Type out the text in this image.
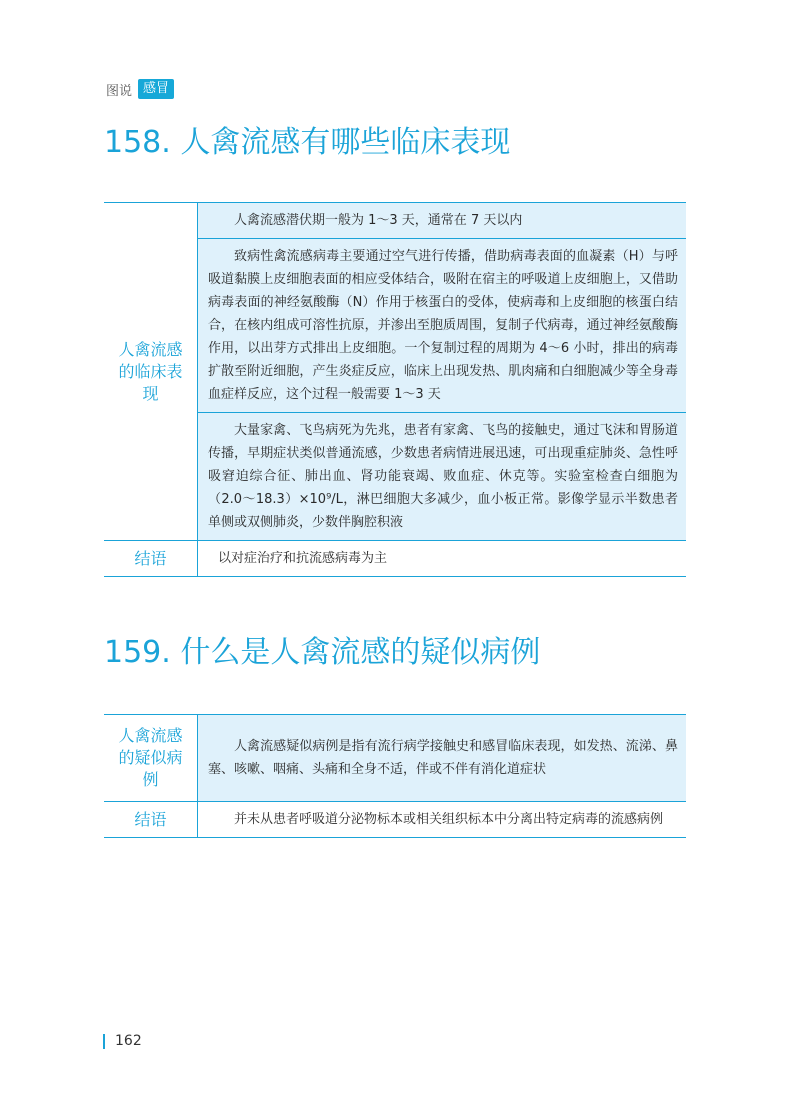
图说 感冒
158. 人禽流感有哪些临床表现
人禽流感的临床表现
人禽流感潜伏期一般为 1～3 天，通常在 7 天以内
致病性禽流感病毒主要通过空气进行传播，借助病毒表面的血凝素（H）与呼吸道黏膜上皮细胞表面的相应受体结合，吸附在宿主的呼吸道上皮细胞上，又借助病毒表面的神经氨酸酶（N）作用于核蛋白的受体，使病毒和上皮细胞的核蛋白结合，在核内组成可溶性抗原，并渗出至胞质周围，复制子代病毒，通过神经氨酸酶作用，以出芽方式排出上皮细胞。一个复制过程的周期为 4～6 小时，排出的病毒扩散至附近细胞，产生炎症反应，临床上出现发热、肌肉痛和白细胞减少等全身毒血症样反应，这个过程一般需要 1～3 天
大量家禽、飞鸟病死为先兆，患者有家禽、飞鸟的接触史，通过飞沫和胃肠道传播，早期症状类似普通流感，少数患者病情进展迅速，可出现重症肺炎、急性呼吸窘迫综合征、肺出血、肾功能衰竭、败血症、休克等。实验室检查白细胞为（2.0～18.3）×10⁹/L，淋巴细胞大多减少，血小板正常。影像学显示半数患者单侧或双侧肺炎，少数伴胸腔积液
结语	以对症治疗和抗流感病毒为主
159. 什么是人禽流感的疑似病例
人禽流感的疑似病例
人禽流感疑似病例是指有流行病学接触史和感冒临床表现，如发热、流涕、鼻塞、咳嗽、咽痛、头痛和全身不适，伴或不伴有消化道症状
结语	并未从患者呼吸道分泌物标本或相关组织标本中分离出特定病毒的流感病例
162
